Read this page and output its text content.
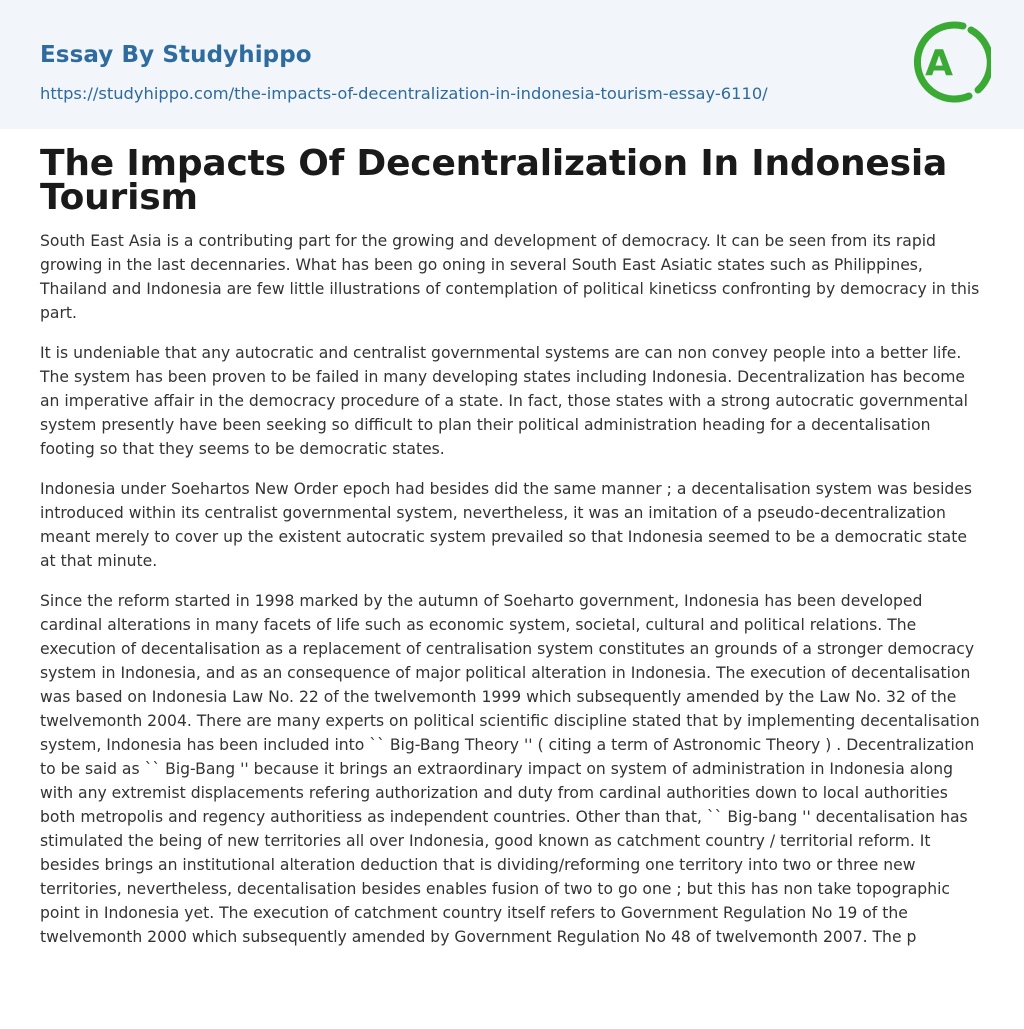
Essay By Studyhippo
https://studyhippo.com/the-impacts-of-decentralization-in-indonesia-tourism-essay-6110/
A
The Impacts Of Decentralization In Indonesia Tourism

South East Asia is a contributing part for the growing and development of democracy. It can be seen from its rapid growing in the last decennaries. What has been go oning in several South East Asiatic states such as Philippines, Thailand and Indonesia are few little illustrations of contemplation of political kineticss confronting by democracy in this part.

It is undeniable that any autocratic and centralist governmental systems are can non convey people into a better life. The system has been proven to be failed in many developing states including Indonesia. Decentralization has become an imperative affair in the democracy procedure of a state. In fact, those states with a strong autocratic governmental system presently have been seeking so difficult to plan their political administration heading for a decentalisation footing so that they seems to be democratic states.

Indonesia under Soehartos New Order epoch had besides did the same manner ; a decentalisation system was besides introduced within its centralist governmental system, nevertheless, it was an imitation of a pseudo-decentralization meant merely to cover up the existent autocratic system prevailed so that Indonesia seemed to be a democratic state at that minute.

Since the reform started in 1998 marked by the autumn of Soeharto government, Indonesia has been developed cardinal alterations in many facets of life such as economic system, societal, cultural and political relations. The execution of decentalisation as a replacement of centralisation system constitutes an grounds of a stronger democracy system in Indonesia, and as an consequence of major political alteration in Indonesia. The execution of decentalisation was based on Indonesia Law No. 22 of the twelvemonth 1999 which subsequently amended by the Law No. 32 of the twelvemonth 2004. There are many experts on political scientific discipline stated that by implementing decentalisation system, Indonesia has been included into `` Big-Bang Theory '' ( citing a term of Astronomic Theory ) . Decentralization to be said as `` Big-Bang '' because it brings an extraordinary impact on system of administration in Indonesia along with any extremist displacements refering authorization and duty from cardinal authorities down to local authorities both metropolis and regency authoritiess as independent countries. Other than that, `` Big-bang '' decentalisation has stimulated the being of new territories all over Indonesia, good known as catchment country / territorial reform. It besides brings an institutional alteration deduction that is dividing/reforming one territory into two or three new territories, nevertheless, decentalisation besides enables fusion of two to go one ; but this has non take topographic point in Indonesia yet. The execution of catchment country itself refers to Government Regulation No 19 of the twelvemonth 2000 which subsequently amended by Government Regulation No 48 of twelvemonth 2007. The p
